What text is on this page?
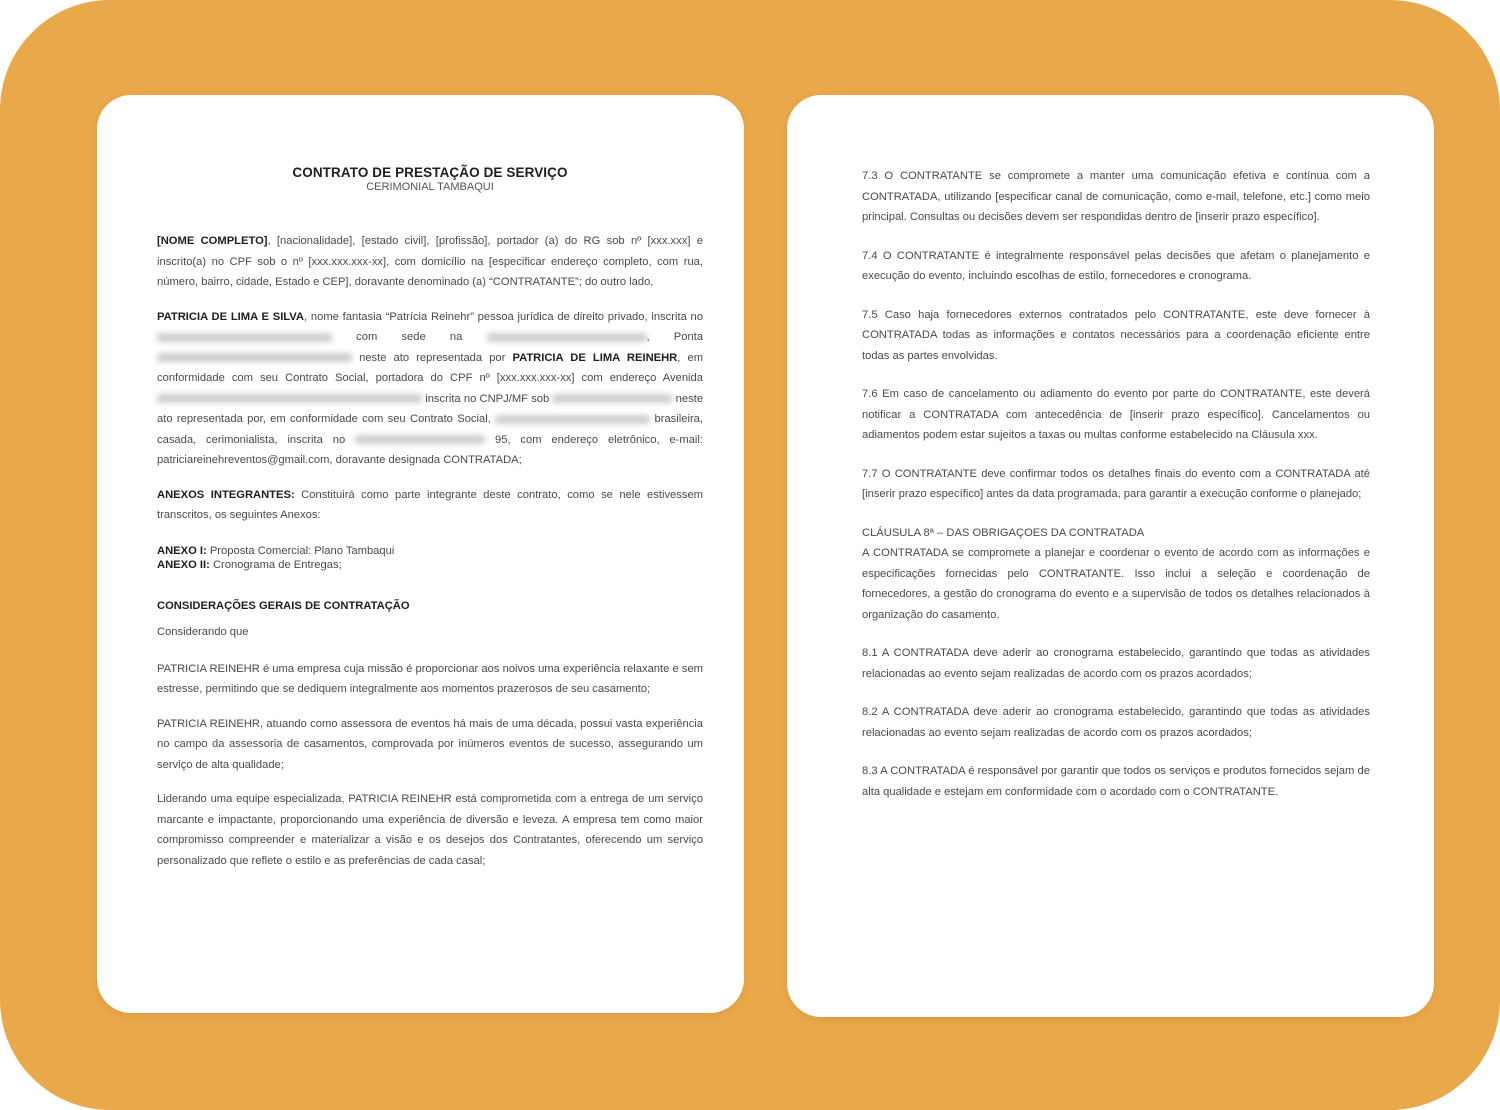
CONTRATO DE PRESTAÇÃO DE SERVIÇO
CERIMONIAL TAMBAQUI

[NOME COMPLETO], [nacionalidade], [estado civil], [profissão], portador (a) do RG sob nº [xxx.xxx] e inscrito(a) no CPF sob o nº [xxx.xxx.xxx-xx], com domicílio na [especificar endereço completo, com rua, número, bairro, cidade, Estado e CEP], doravante denominado (a) “CONTRATANTE”; do outro lado,

PATRICIA DE LIMA E SILVA, nome fantasia “Patrícia Reinehr” pessoa jurídica de direito privado, inscrita no  com sede na	, Ponta  neste ato representada por PATRICIA DE LIMA REINEHR, em conformidade com seu Contrato Social, portadora do CPF nº [xxx.xxx.xxx-xx] com endereço Avenida  inscrita no CNPJ/MF sob	neste ato representada por, em conformidade com seu Contrato Social,	brasileira, casada, cerimonialista, inscrita no	95, com endereço eletrônico, e-mail: patriciareinehreventos@gmail.com, doravante designada CONTRATADA;

ANEXOS INTEGRANTES: Constituirá como parte integrante deste contrato, como se nele estivessem transcritos, os seguintes Anexos:

ANEXO I: Proposta Comercial: Plano Tambaqui
ANEXO II: Cronograma de Entregas;
CONSIDERAÇÕES GERAIS DE CONTRATAÇÃO

Considerando que

PATRICIA REINEHR é uma empresa cuja missão é proporcionar aos noivos uma experiência relaxante e sem estresse, permitindo que se dediquem integralmente aos momentos prazerosos de seu casamento;

PATRICIA REINEHR, atuando como assessora de eventos há mais de uma década, possui vasta experiência no campo da assessoria de casamentos, comprovada por inúmeros eventos de sucesso, assegurando um serviço de alta qualidade;

Liderando uma equipe especializada, PATRICIA REINEHR está comprometida com a entrega de um serviço marcante e impactante, proporcionando uma experiência de diversão e leveza. A empresa tem como maior compromisso compreender e materializar a visão e os desejos dos Contratantes, oferecendo um serviço personalizado que reflete o estilo e as preferências de cada casal;

7.3 O CONTRATANTE se compromete a manter uma comunicação efetiva e contínua com a CONTRATADA, utilizando [especificar canal de comunicação, como e-mail, telefone, etc.] como meio principal. Consultas ou decisões devem ser respondidas dentro de [inserir prazo específico].

7.4 O CONTRATANTE é integralmente responsável pelas decisões que afetam o planejamento e execução do evento, incluindo escolhas de estilo, fornecedores e cronograma.

7.5 Caso haja fornecedores externos contratados pelo CONTRATANTE, este deve fornecer à CONTRATADA todas as informações e contatos necessários para a coordenação eficiente entre todas as partes envolvidas.

7.6 Em caso de cancelamento ou adiamento do evento por parte do CONTRATANTE, este deverá notificar a CONTRATADA com antecedência de [inserir prazo específico]. Cancelamentos ou adiamentos podem estar sujeitos a taxas ou multas conforme estabelecido na Cláusula xxx.

7.7 O CONTRATANTE deve confirmar todos os detalhes finais do evento com a CONTRATADA até [inserir prazo específico] antes da data programada, para garantir a execução conforme o planejado;

CLÁUSULA 8ª – DAS OBRIGAÇOES DA CONTRATADA

A CONTRATADA se compromete a planejar e coordenar o evento de acordo com as informações e especificações fornecidas pelo CONTRATANTE. Isso inclui a seleção e coordenação de fornecedores, a gestão do cronograma do evento e a supervisão de todos os detalhes relacionados à organização do casamento.

8.1 A CONTRATADA deve aderir ao cronograma estabelecido, garantindo que todas as atividades relacionadas ao evento sejam realizadas de acordo com os prazos acordados;

8.2 A CONTRATADA deve aderir ao cronograma estabelecido, garantindo que todas as atividades relacionadas ao evento sejam realizadas de acordo com os prazos acordados;

8.3 A CONTRATADA é responsável por garantir que todos os serviços e produtos fornecidos sejam de alta qualidade e estejam em conformidade com o acordado com o CONTRATANTE.
